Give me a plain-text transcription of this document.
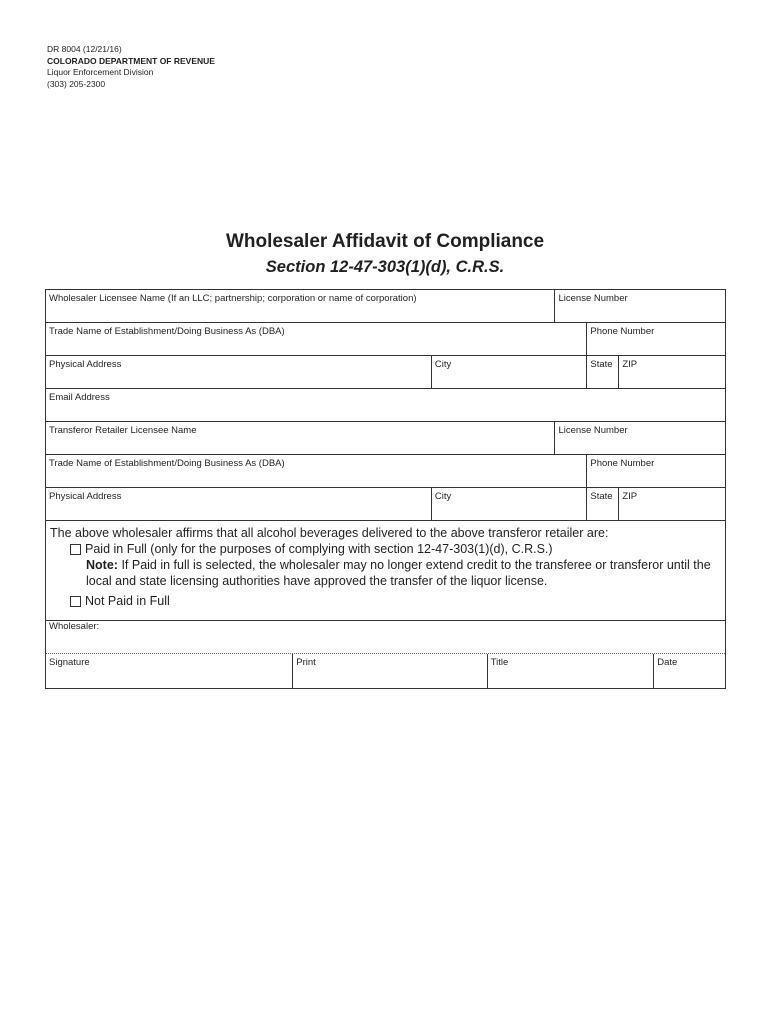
DR 8004 (12/21/16)
COLORADO DEPARTMENT OF REVENUE
Liquor Enforcement Division
(303) 205-2300
Wholesaler Affidavit of Compliance
Section 12-47-303(1)(d), C.R.S.
Wholesaler Licensee Name (If an LLC; partnership; corporation or name of corporation)	License Number
Trade Name of Establishment/Doing Business As (DBA)	Phone Number
Physical Address	City	State	ZIP
Email Address
Transferor Retailer Licensee Name	License Number
Trade Name of Establishment/Doing Business As (DBA)	Phone Number
Physical Address	City	State	ZIP
The above wholesaler affirms that all alcohol beverages delivered to the above transferor retailer are:
Paid in Full (only for the purposes of complying with section 12-47-303(1)(d), C.R.S.)
Note: If Paid in full is selected, the wholesaler may no longer extend credit to the transferee or transferor until the local and state licensing authorities have approved the transfer of the liquor license.
Not Paid in Full
Wholesaler:
Signature	Print	Title	Date
